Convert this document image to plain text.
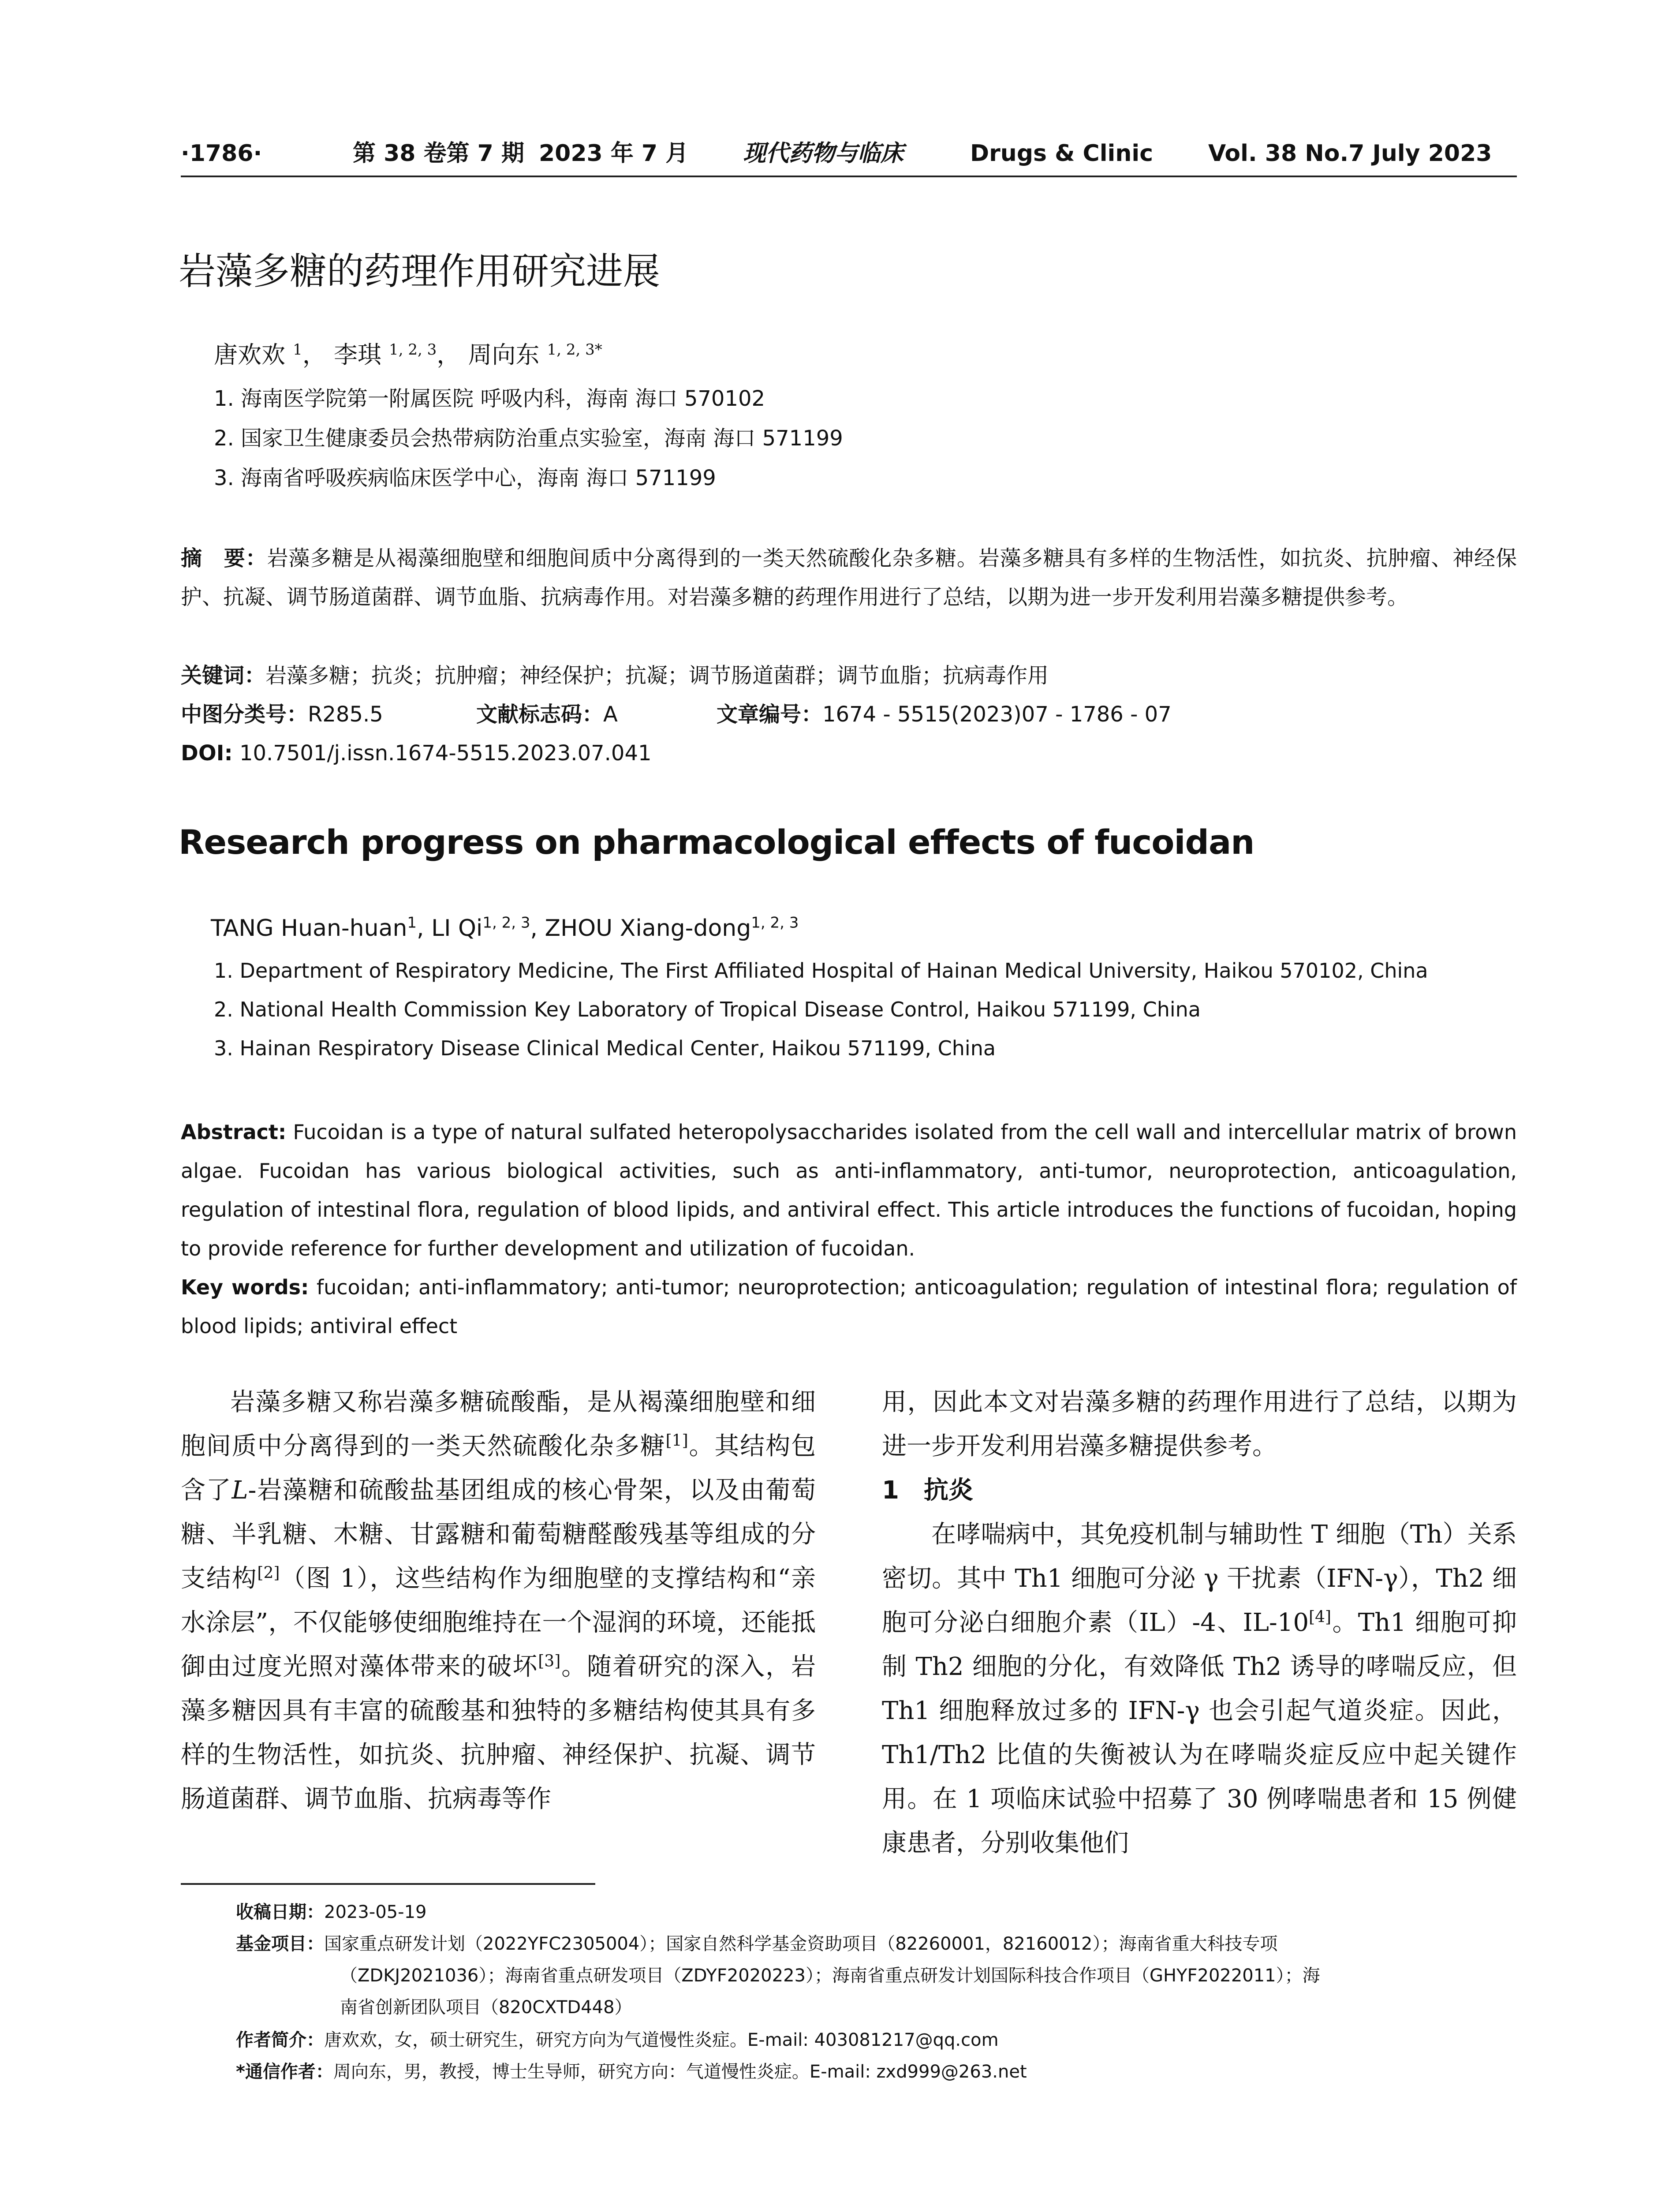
·1786·	第 38 卷第 7 期 2023 年 7 月 现代药物与临床	Drugs & Clinic Vol. 38 No.7 July 2023
岩藻多糖的药理作用研究进展
唐欢欢 $^1$， 李琪 $^{1, 2, 3}$， 周向东 $^{1, 2, 3*}$
1. 海南医学院第一附属医院 呼吸内科，海南 海口 570102
2. 国家卫生健康委员会热带病防治重点实验室，海南 海口 571199
3. 海南省呼吸疾病临床医学中心，海南 海口 571199
摘　要：岩藻多糖是从褐藻细胞壁和细胞间质中分离得到的一类天然硫酸化杂多糖。岩藻多糖具有多样的生物活性，如抗炎、抗肿瘤、神经保护、抗凝、调节肠道菌群、调节血脂、抗病毒作用。对岩藻多糖的药理作用进行了总结，以期为进一步开发利用岩藻多糖提供参考。
关键词：岩藻多糖；抗炎；抗肿瘤；神经保护；抗凝；调节肠道菌群；调节血脂；抗病毒作用
中图分类号：R285.5	文献标志码：A	文章编号：1674 - 5515(2023)07 - 1786 - 07
DOI: 10.7501/j.issn.1674-5515.2023.07.041
Research progress on pharmacological effects of fucoidan
TANG Huan-huan$^1$, LI Qi$^{1, 2, 3}$, ZHOU Xiang-dong$^{1, 2, 3}$
1. Department of Respiratory Medicine, The First Affiliated Hospital of Hainan Medical University, Haikou 570102, China
2. National Health Commission Key Laboratory of Tropical Disease Control, Haikou 571199, China
3. Hainan Respiratory Disease Clinical Medical Center, Haikou 571199, China
Abstract: Fucoidan is a type of natural sulfated heteropolysaccharides isolated from the cell wall and intercellular matrix of brown algae. Fucoidan has various biological activities, such as anti-inflammatory, anti-tumor, neuroprotection, anticoagulation, regulation of intestinal flora, regulation of blood lipids, and antiviral effect. This article introduces the functions of fucoidan, hoping to provide reference for further development and utilization of fucoidan.
Key words: fucoidan; anti-inflammatory; anti-tumor; neuroprotection; anticoagulation; regulation of intestinal flora; regulation of blood lipids; antiviral effect

岩藻多糖又称岩藻多糖硫酸酯，是从褐藻细胞壁和细胞间质中分离得到的一类天然硫酸化杂多糖[1]。其结构包含了L-岩藻糖和硫酸盐基团组成的核心骨架，以及由葡萄糖、半乳糖、木糖、甘露糖和葡萄糖醛酸残基等组成的分支结构[2]（图 1），这些结构作为细胞壁的支撑结构和“亲水涂层”，不仅能够使细胞维持在一个湿润的环境，还能抵御由过度光照对藻体带来的破坏[3]。随着研究的深入，岩藻多糖因具有丰富的硫酸基和独特的多糖结构使其具有多样的生物活性，如抗炎、抗肿瘤、神经保护、抗凝、调节肠道菌群、调节血脂、抗病毒等作

用，因此本文对岩藻多糖的药理作用进行了总结，以期为进一步开发利用岩藻多糖提供参考。

1　抗炎

在哮喘病中，其免疫机制与辅助性 T 细胞（Th）关系密切。其中 Th1 细胞可分泌 γ 干扰素（IFN-γ），Th2 细胞可分泌白细胞介素（IL）-4、IL-10[4]。Th1 细胞可抑制 Th2 细胞的分化，有效降低 Th2 诱导的哮喘反应，但 Th1 细胞释放过多的 IFN-γ 也会引起气道炎症。因此，Th1/Th2 比值的失衡被认为在哮喘炎症反应中起关键作用。在 1 项临床试验中招募了 30 例哮喘患者和 15 例健康患者，分别收集他们

收稿日期：2023-05-19
基金项目：国家重点研发计划（2022YFC2305004）；国家自然科学基金资助项目（82260001，82160012）；海南省重大科技专项
（ZDKJ2021036）；海南省重点研发项目（ZDYF2020223）；海南省重点研发计划国际科技合作项目（GHYF2022011）；海
南省创新团队项目（820CXTD448）
作者简介：唐欢欢，女，硕士研究生，研究方向为气道慢性炎症。E-mail: 403081217@qq.com
*通信作者：周向东，男，教授，博士生导师，研究方向：气道慢性炎症。E-mail: zxd999@263.net
